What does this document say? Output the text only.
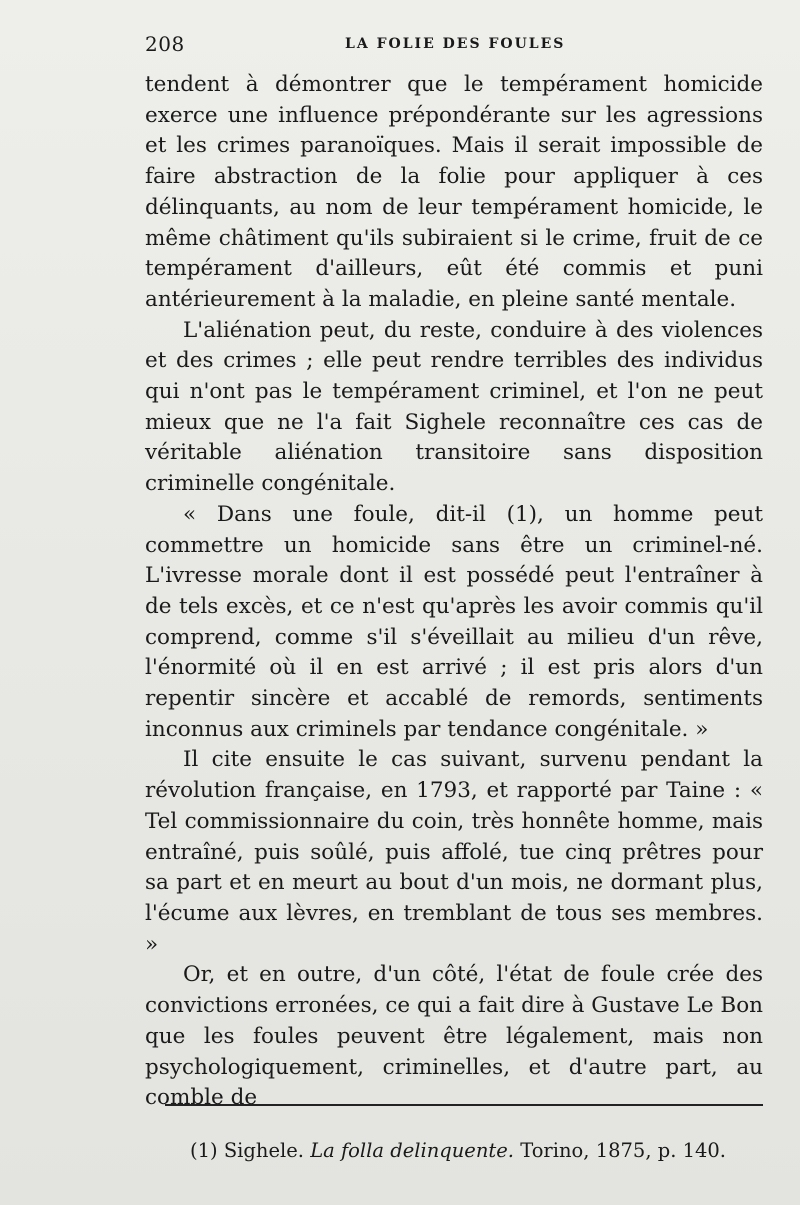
208	LA FOLIE DES FOULES

tendent à démontrer que le tempérament homicide exerce une influence prépondérante sur les agressions et les crimes paranoïques. Mais il serait impossible de faire abstraction de la folie pour appliquer à ces délinquants, au nom de leur tempérament homicide, le même châtiment qu'ils subiraient si le crime, fruit de ce tempérament d'ailleurs, eût été commis et puni antérieurement à la maladie, en pleine santé mentale.

L'aliénation peut, du reste, conduire à des violences et des crimes ; elle peut rendre terribles des individus qui n'ont pas le tempérament criminel, et l'on ne peut mieux que ne l'a fait Sighele reconnaître ces cas de véritable aliénation transitoire sans disposition criminelle congénitale.

« Dans une foule, dit-il (1), un homme peut commettre un homicide sans être un criminel-né. L'ivresse morale dont il est possédé peut l'entraîner à de tels excès, et ce n'est qu'après les avoir commis qu'il comprend, comme s'il s'éveillait au milieu d'un rêve, l'énormité où il en est arrivé ; il est pris alors d'un repentir sincère et accablé de remords, sentiments inconnus aux criminels par tendance congénitale. »

Il cite ensuite le cas suivant, survenu pendant la révolution française, en 1793, et rapporté par Taine : « Tel commissionnaire du coin, très honnête homme, mais entraîné, puis soûlé, puis affolé, tue cinq prêtres pour sa part et en meurt au bout d'un mois, ne dormant plus, l'écume aux lèvres, en tremblant de tous ses membres. »

Or, et en outre, d'un côté, l'état de foule crée des convictions erronées, ce qui a fait dire à Gustave Le Bon que les foules peuvent être légalement, mais non psychologiquement, criminelles, et d'autre part, au comble de

(1) Sighele. La folla delinquente. Torino, 1875, p. 140.
